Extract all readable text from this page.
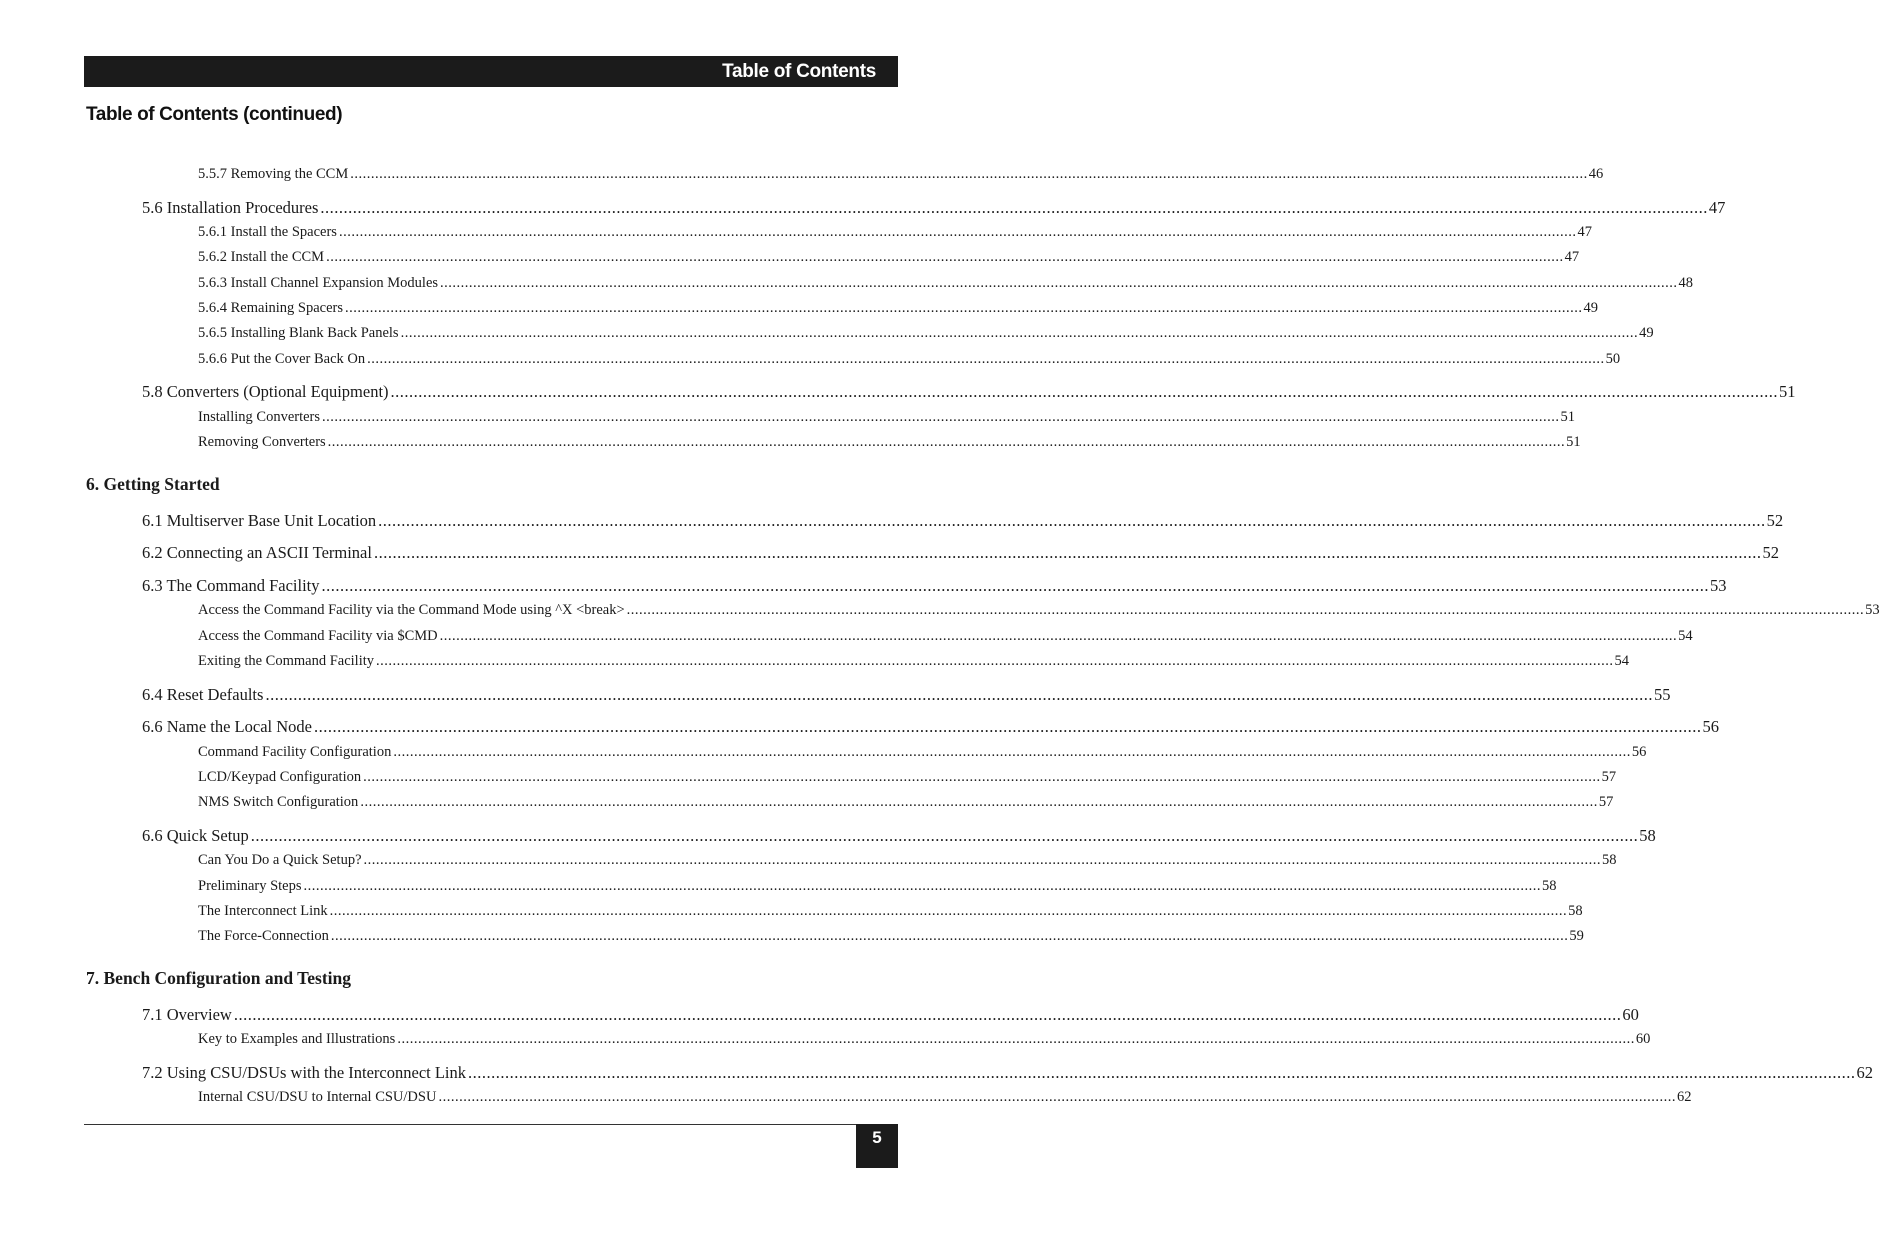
Table of Contents
Table of Contents (continued)
5.5.7 Removing the CCM ............................................................................................................................................................................................................................................................................................................ 46
5.6 Installation Procedures ............................................................................................................................................................................................................................................................................................................ 47
5.6.1 Install the Spacers ............................................................................................................................................................................................................................................................................................................ 47
5.6.2 Install the CCM ............................................................................................................................................................................................................................................................................................................ 47
5.6.3 Install Channel Expansion Modules ............................................................................................................................................................................................................................................................................................................ 48
5.6.4 Remaining Spacers ............................................................................................................................................................................................................................................................................................................ 49
5.6.5 Installing Blank Back Panels ............................................................................................................................................................................................................................................................................................................ 49
5.6.6 Put the Cover Back On ............................................................................................................................................................................................................................................................................................................ 50
5.8 Converters (Optional Equipment) ............................................................................................................................................................................................................................................................................................................ 51
Installing Converters ............................................................................................................................................................................................................................................................................................................ 51
Removing Converters ............................................................................................................................................................................................................................................................................................................ 51
6. Getting Started
6.1 Multiserver Base Unit Location ............................................................................................................................................................................................................................................................................................................ 52
6.2 Connecting an ASCII Terminal ............................................................................................................................................................................................................................................................................................................ 52
6.3 The Command Facility ............................................................................................................................................................................................................................................................................................................ 53
Access the Command Facility via the Command Mode using ^X <break> ............................................................................................................................................................................................................................................................................................................ 53
Access the Command Facility via $CMD ............................................................................................................................................................................................................................................................................................................ 54
Exiting the Command Facility ............................................................................................................................................................................................................................................................................................................ 54
6.4 Reset Defaults ............................................................................................................................................................................................................................................................................................................ 55
6.6 Name the Local Node ............................................................................................................................................................................................................................................................................................................ 56
Command Facility Configuration ............................................................................................................................................................................................................................................................................................................ 56
LCD/Keypad Configuration ............................................................................................................................................................................................................................................................................................................ 57
NMS Switch Configuration ............................................................................................................................................................................................................................................................................................................ 57
6.6 Quick Setup ............................................................................................................................................................................................................................................................................................................ 58
Can You Do a Quick Setup? ............................................................................................................................................................................................................................................................................................................ 58
Preliminary Steps ............................................................................................................................................................................................................................................................................................................ 58
The Interconnect Link ............................................................................................................................................................................................................................................................................................................ 58
The Force-Connection ............................................................................................................................................................................................................................................................................................................ 59
7. Bench Configuration and Testing
7.1 Overview ............................................................................................................................................................................................................................................................................................................ 60
Key to Examples and Illustrations ............................................................................................................................................................................................................................................................................................................ 60
7.2 Using CSU/DSUs with the Interconnect Link ............................................................................................................................................................................................................................................................................................................ 62
Internal CSU/DSU to Internal CSU/DSU ............................................................................................................................................................................................................................................................................................................ 62
5
